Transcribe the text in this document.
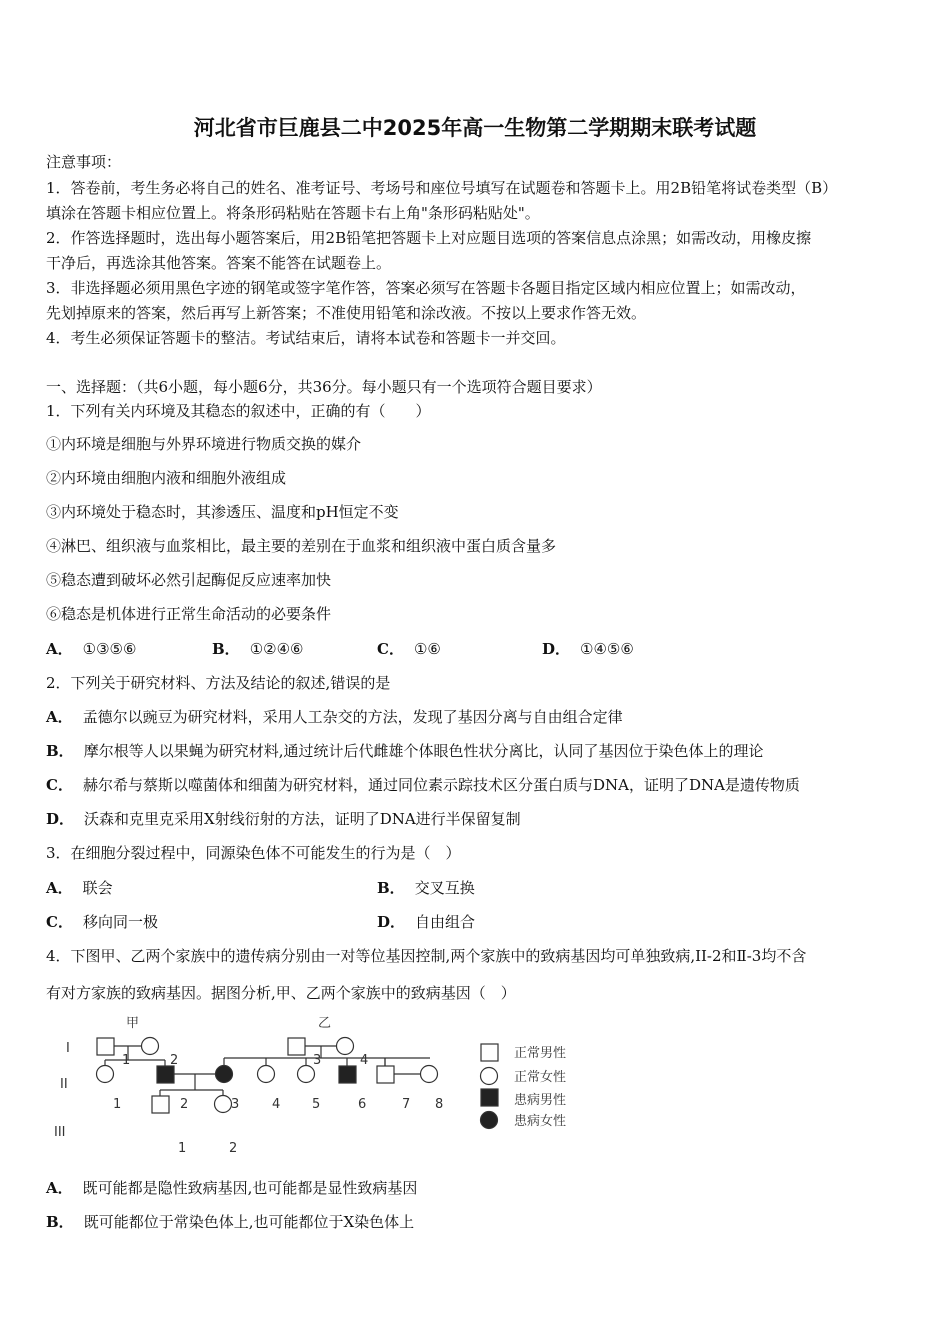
河北省市巨鹿县二中2025年高一生物第二学期期末联考试题
注意事项：
1．答卷前，考生务必将自己的姓名、准考证号、考场号和座位号填写在试题卷和答题卡上。用2B铅笔将试卷类型（B）
填涂在答题卡相应位置上。将条形码粘贴在答题卡右上角"条形码粘贴处"。
2．作答选择题时，选出每小题答案后，用2B铅笔把答题卡上对应题目选项的答案信息点涂黑；如需改动，用橡皮擦
干净后，再选涂其他答案。答案不能答在试题卷上。
3．非选择题必须用黑色字迹的钢笔或签字笔作答，答案必须写在答题卡各题目指定区域内相应位置上；如需改动，
先划掉原来的答案，然后再写上新答案；不准使用铅笔和涂改液。不按以上要求作答无效。
4．考生必须保证答题卡的整洁。考试结束后，请将本试卷和答题卡一并交回。
一、选择题：（共6小题，每小题6分，共36分。每小题只有一个选项符合题目要求）
1．下列有关内环境及其稳态的叙述中，正确的有（　　）
①内环境是细胞与外界环境进行物质交换的媒介
②内环境由细胞内液和细胞外液组成
③内环境处于稳态时，其渗透压、温度和pH恒定不变
④淋巴、组织液与血浆相比，最主要的差别在于血浆和组织液中蛋白质含量多
⑤稳态遭到破坏必然引起酶促反应速率加快
⑥稳态是机体进行正常生命活动的必要条件
A． ①③⑤⑥	B． ①②④⑥	C． ①⑥	D． ①④⑤⑥
2．下列关于研究材料、方法及结论的叙述,错误的是
A． 孟德尔以豌豆为研究材料，采用人工杂交的方法，发现了基因分离与自由组合定律
B． 摩尔根等人以果蝇为研究材料,通过统计后代雌雄个体眼色性状分离比，认同了基因位于染色体上的理论
C． 赫尔希与蔡斯以噬菌体和细菌为研究材料，通过同位素示踪技术区分蛋白质与DNA，证明了DNA是遗传物质
D． 沃森和克里克采用X射线衍射的方法，证明了DNA进行半保留复制
3．在细胞分裂过程中，同源染色体不可能发生的行为是（　）
A． 联会	B． 交叉互换
C． 移向同一极	D． 自由组合
4．下图甲、乙两个家族中的遗传病分别由一对等位基因控制,两个家族中的致病基因均可单独致病,II-2和Ⅱ-3均不含
有对方家族的致病基因。据图分析,甲、乙两个家族中的致病基因（　）
甲	乙
I
II
III
1	2	3	4
1	2	3	4 5	6	7 8
1	2
正常男性
正常女性
患病男性
患病女性
A． 既可能都是隐性致病基因,也可能都是显性致病基因
B． 既可能都位于常染色体上,也可能都位于X染色体上
